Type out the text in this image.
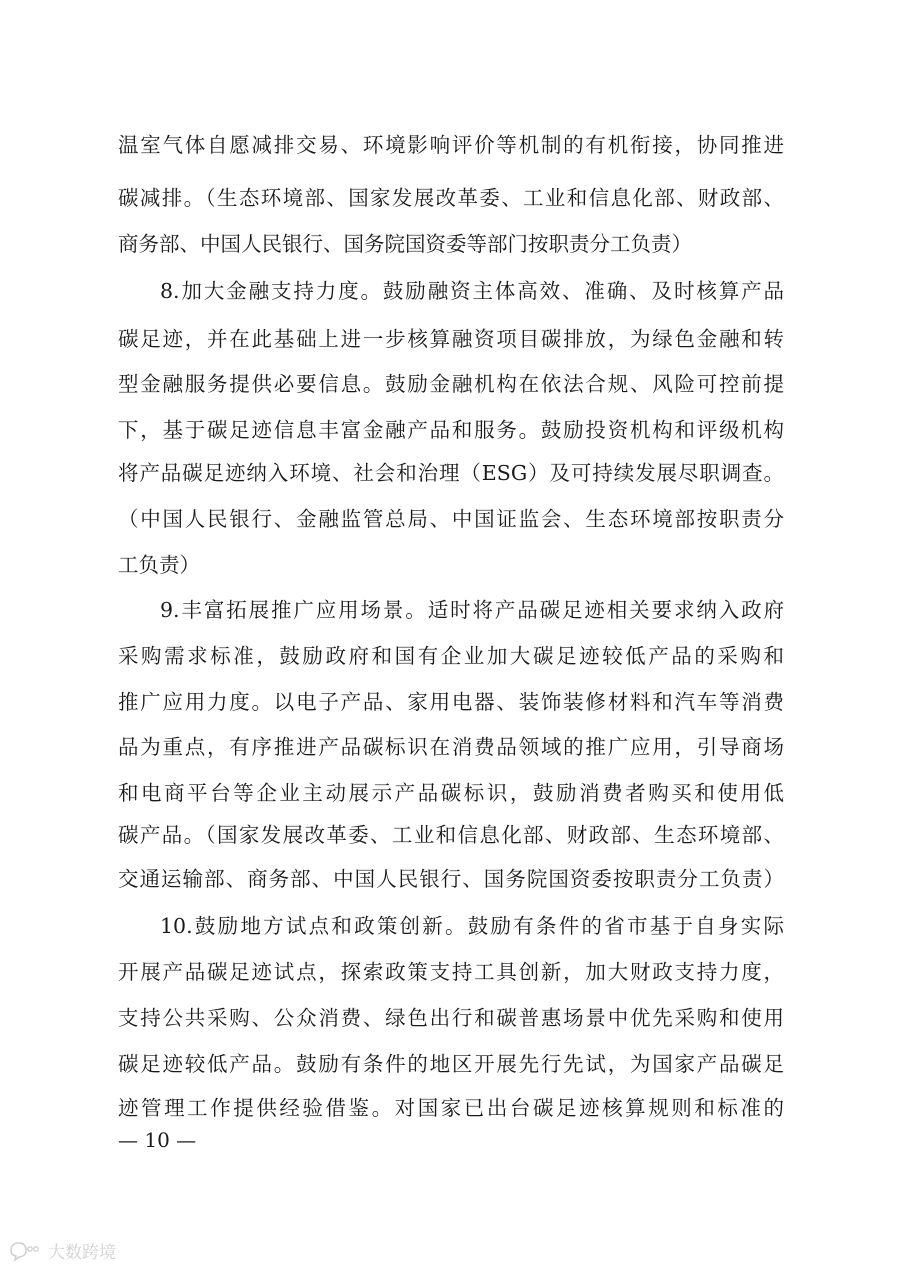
温室气体自愿减排交易、环境影响评价等机制的有机衔接，协同推进
碳减排。（生态环境部、国家发展改革委、工业和信息化部、财政部、
商务部、中国人民银行、国务院国资委等部门按职责分工负责）
8.加大金融支持力度。鼓励融资主体高效、准确、及时核算产品
碳足迹，并在此基础上进一步核算融资项目碳排放，为绿色金融和转
型金融服务提供必要信息。鼓励金融机构在依法合规、风险可控前提
下，基于碳足迹信息丰富金融产品和服务。鼓励投资机构和评级机构
将产品碳足迹纳入环境、社会和治理（ESG）及可持续发展尽职调查。
（中国人民银行、金融监管总局、中国证监会、生态环境部按职责分
工负责）
9.丰富拓展推广应用场景。适时将产品碳足迹相关要求纳入政府
采购需求标准，鼓励政府和国有企业加大碳足迹较低产品的采购和
推广应用力度。以电子产品、家用电器、装饰装修材料和汽车等消费
品为重点，有序推进产品碳标识在消费品领域的推广应用，引导商场
和电商平台等企业主动展示产品碳标识，鼓励消费者购买和使用低
碳产品。（国家发展改革委、工业和信息化部、财政部、生态环境部、
交通运输部、商务部、中国人民银行、国务院国资委按职责分工负责）
10.鼓励地方试点和政策创新。鼓励有条件的省市基于自身实际
开展产品碳足迹试点，探索政策支持工具创新，加大财政支持力度，
支持公共采购、公众消费、绿色出行和碳普惠场景中优先采购和使用
碳足迹较低产品。鼓励有条件的地区开展先行先试，为国家产品碳足
迹管理工作提供经验借鉴。对国家已出台碳足迹核算规则和标准的
— 10 —
大数跨境
